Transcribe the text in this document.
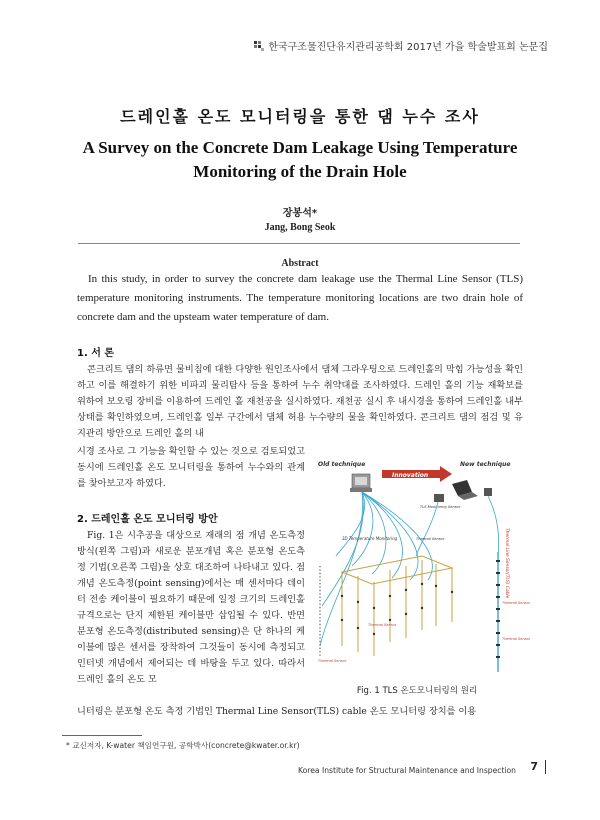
한국구조물진단유지관리공학회 2017년 가을 학술발표회 논문집
드레인홀 온도 모니터링을 통한 댐 누수 조사
A Survey on the Concrete Dam Leakage Using Temperature Monitoring of the Drain Hole
장봉석*
Jang, Bong Seok
Abstract
In this study, in order to survey the concrete dam leakage use the Thermal Line Sensor (TLS) temperature monitoring instruments. The temperature monitoring locations are two drain hole of concrete dam and the upsteam water temperature of dam.
1. 서 론
콘크리트 댐의 하류면 물비침에 대한 다양한 원인조사에서 댐체 그라우팅으로 드레인홀의 막힘 가능성을 확인하고 이를 해결하기 위한 비파괴 물리탐사 등을 통하여 누수 취약대를 조사하였다. 드레인 홀의 기능 재확보를 위하여 보오링 장비를 이용하여 드레인 홀 재천공을 실시하였다. 재천공 실시 후 내시경을 통하여 드레인홀 내부 상태를 확인하였으며, 드레인홀 일부 구간에서 댐체 허용 누수량의 물을 확인하였다. 콘크리트 댐의 점검 및 유지관리 방안으로 드레인 홀의 내
시경 조사로 그 기능을 확인할 수 있는 것으로 검토되었고 동시에 드레인홀 온도 모니터링을 통하여 누수와의 관계를 찾아보고자 하였다.
2. 드레인홀 온도 모니터링 방안
Fig. 1은 시추공을 대상으로 재래의 점 개념 온도측정 방식(왼쪽 그림)과 새로운 분포개념 혹은 분포형 온도측정 기법(오른쪽 그림)을 상호 대조하여 나타내고 있다. 점 개념 온도측정(point sensing)에서는 매 센서마다 데이터 전송 케이블이 필요하기 때문에 일정 크기의 드레인홀 규격으로는 단지 제한된 케이블만 삽입될 수 있다. 반면 분포형 온도측정(distributed sensing)은 단 하나의 케이블에 많은 센서를 장착하여 그것들이 동시에 측정되고 인터넷 개념에서 제어되는 데 바탕을 두고 있다. 따라서 드레인 홀의 온도 모
니터링은 분포형 온도 측정 기법인 Thermal Line Sensor(TLS) cable 온도 모니터링 장치를 이용
Old technique	New technique
Innovation
TLS Monitoring Sensor
3D Temperature Monitoring	Thermal Sensor
Thermal Sensor
Thermal Sensor
Thermal Sensor
Thermal Sensor
Thermal Line Sensor(TLS) Cable
Fig. 1 TLS 온도모니터링의 원리
* 교신저자, K-water 책임연구원, 공학박사(concrete@kwater.or.kr)
Korea Institute for Structural Maintenance and Inspection 7
